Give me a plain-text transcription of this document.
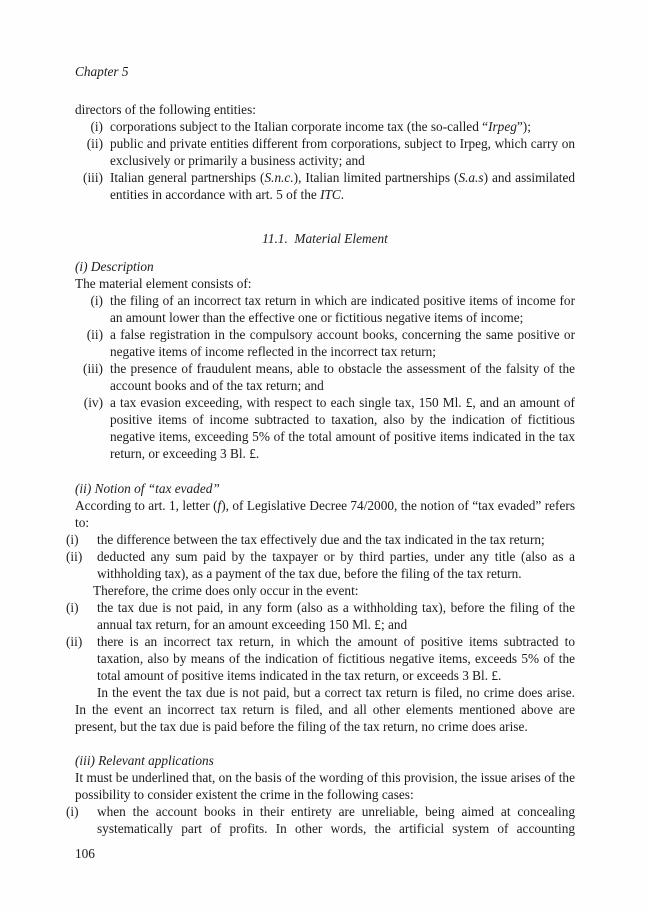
Chapter 5
directors of the following entities:
(i) corporations subject to the Italian corporate income tax (the so-called “Irpeg”);
(ii) public and private entities different from corporations, subject to Irpeg, which carry on exclusively or primarily a business activity; and
(iii) Italian general partnerships (S.n.c.), Italian limited partnerships (S.a.s) and assimilated entities in accordance with art. 5 of the ITC.
11.1.  Material Element
(i) Description
The material element consists of:
(i) the filing of an incorrect tax return in which are indicated positive items of income for an amount lower than the effective one or fictitious negative items of income;
(ii) a false registration in the compulsory account books, concerning the same positive or negative items of income reflected in the incorrect tax return;
(iii) the presence of fraudulent means, able to obstacle the assessment of the falsity of the account books and of the tax return; and
(iv) a tax evasion exceeding, with respect to each single tax, 150 Ml. £, and an amount of positive items of income subtracted to taxation, also by the indication of fictitious negative items, exceeding 5% of the total amount of positive items indicated in the tax return, or exceeding 3 Bl. £.
(ii) Notion of “tax evaded”
According to art. 1, letter (f), of Legislative Decree 74/2000, the notion of “tax evaded” refers to:
(i)	the difference between the tax effectively due and the tax indicated in the tax return;
(ii)	deducted any sum paid by the taxpayer or by third parties, under any title (also as a withholding tax), as a payment of the tax due, before the filing of the tax return.
Therefore, the crime does only occur in the event:
(i)	the tax due is not paid, in any form (also as a withholding tax), before the filing of the annual tax return, for an amount exceeding 150 Ml. £; and
(ii)	there is an incorrect tax return, in which the amount of positive items subtracted to taxation, also by means of the indication of fictitious negative items, exceeds 5% of the total amount of positive items indicated in the tax return, or exceeds 3 Bl. £.
In the event the tax due is not paid, but a correct tax return is filed, no crime does arise. In the event an incorrect tax return is filed, and all other elements mentioned above are present, but the tax due is paid before the filing of the tax return, no crime does arise.
(iii) Relevant applications
It must be underlined that, on the basis of the wording of this provision, the issue arises of the possibility to consider existent the crime in the following cases:
(i)	when the account books in their entirety are unreliable, being aimed at concealing systematically part of profits. In other words, the artificial system of accounting
106
